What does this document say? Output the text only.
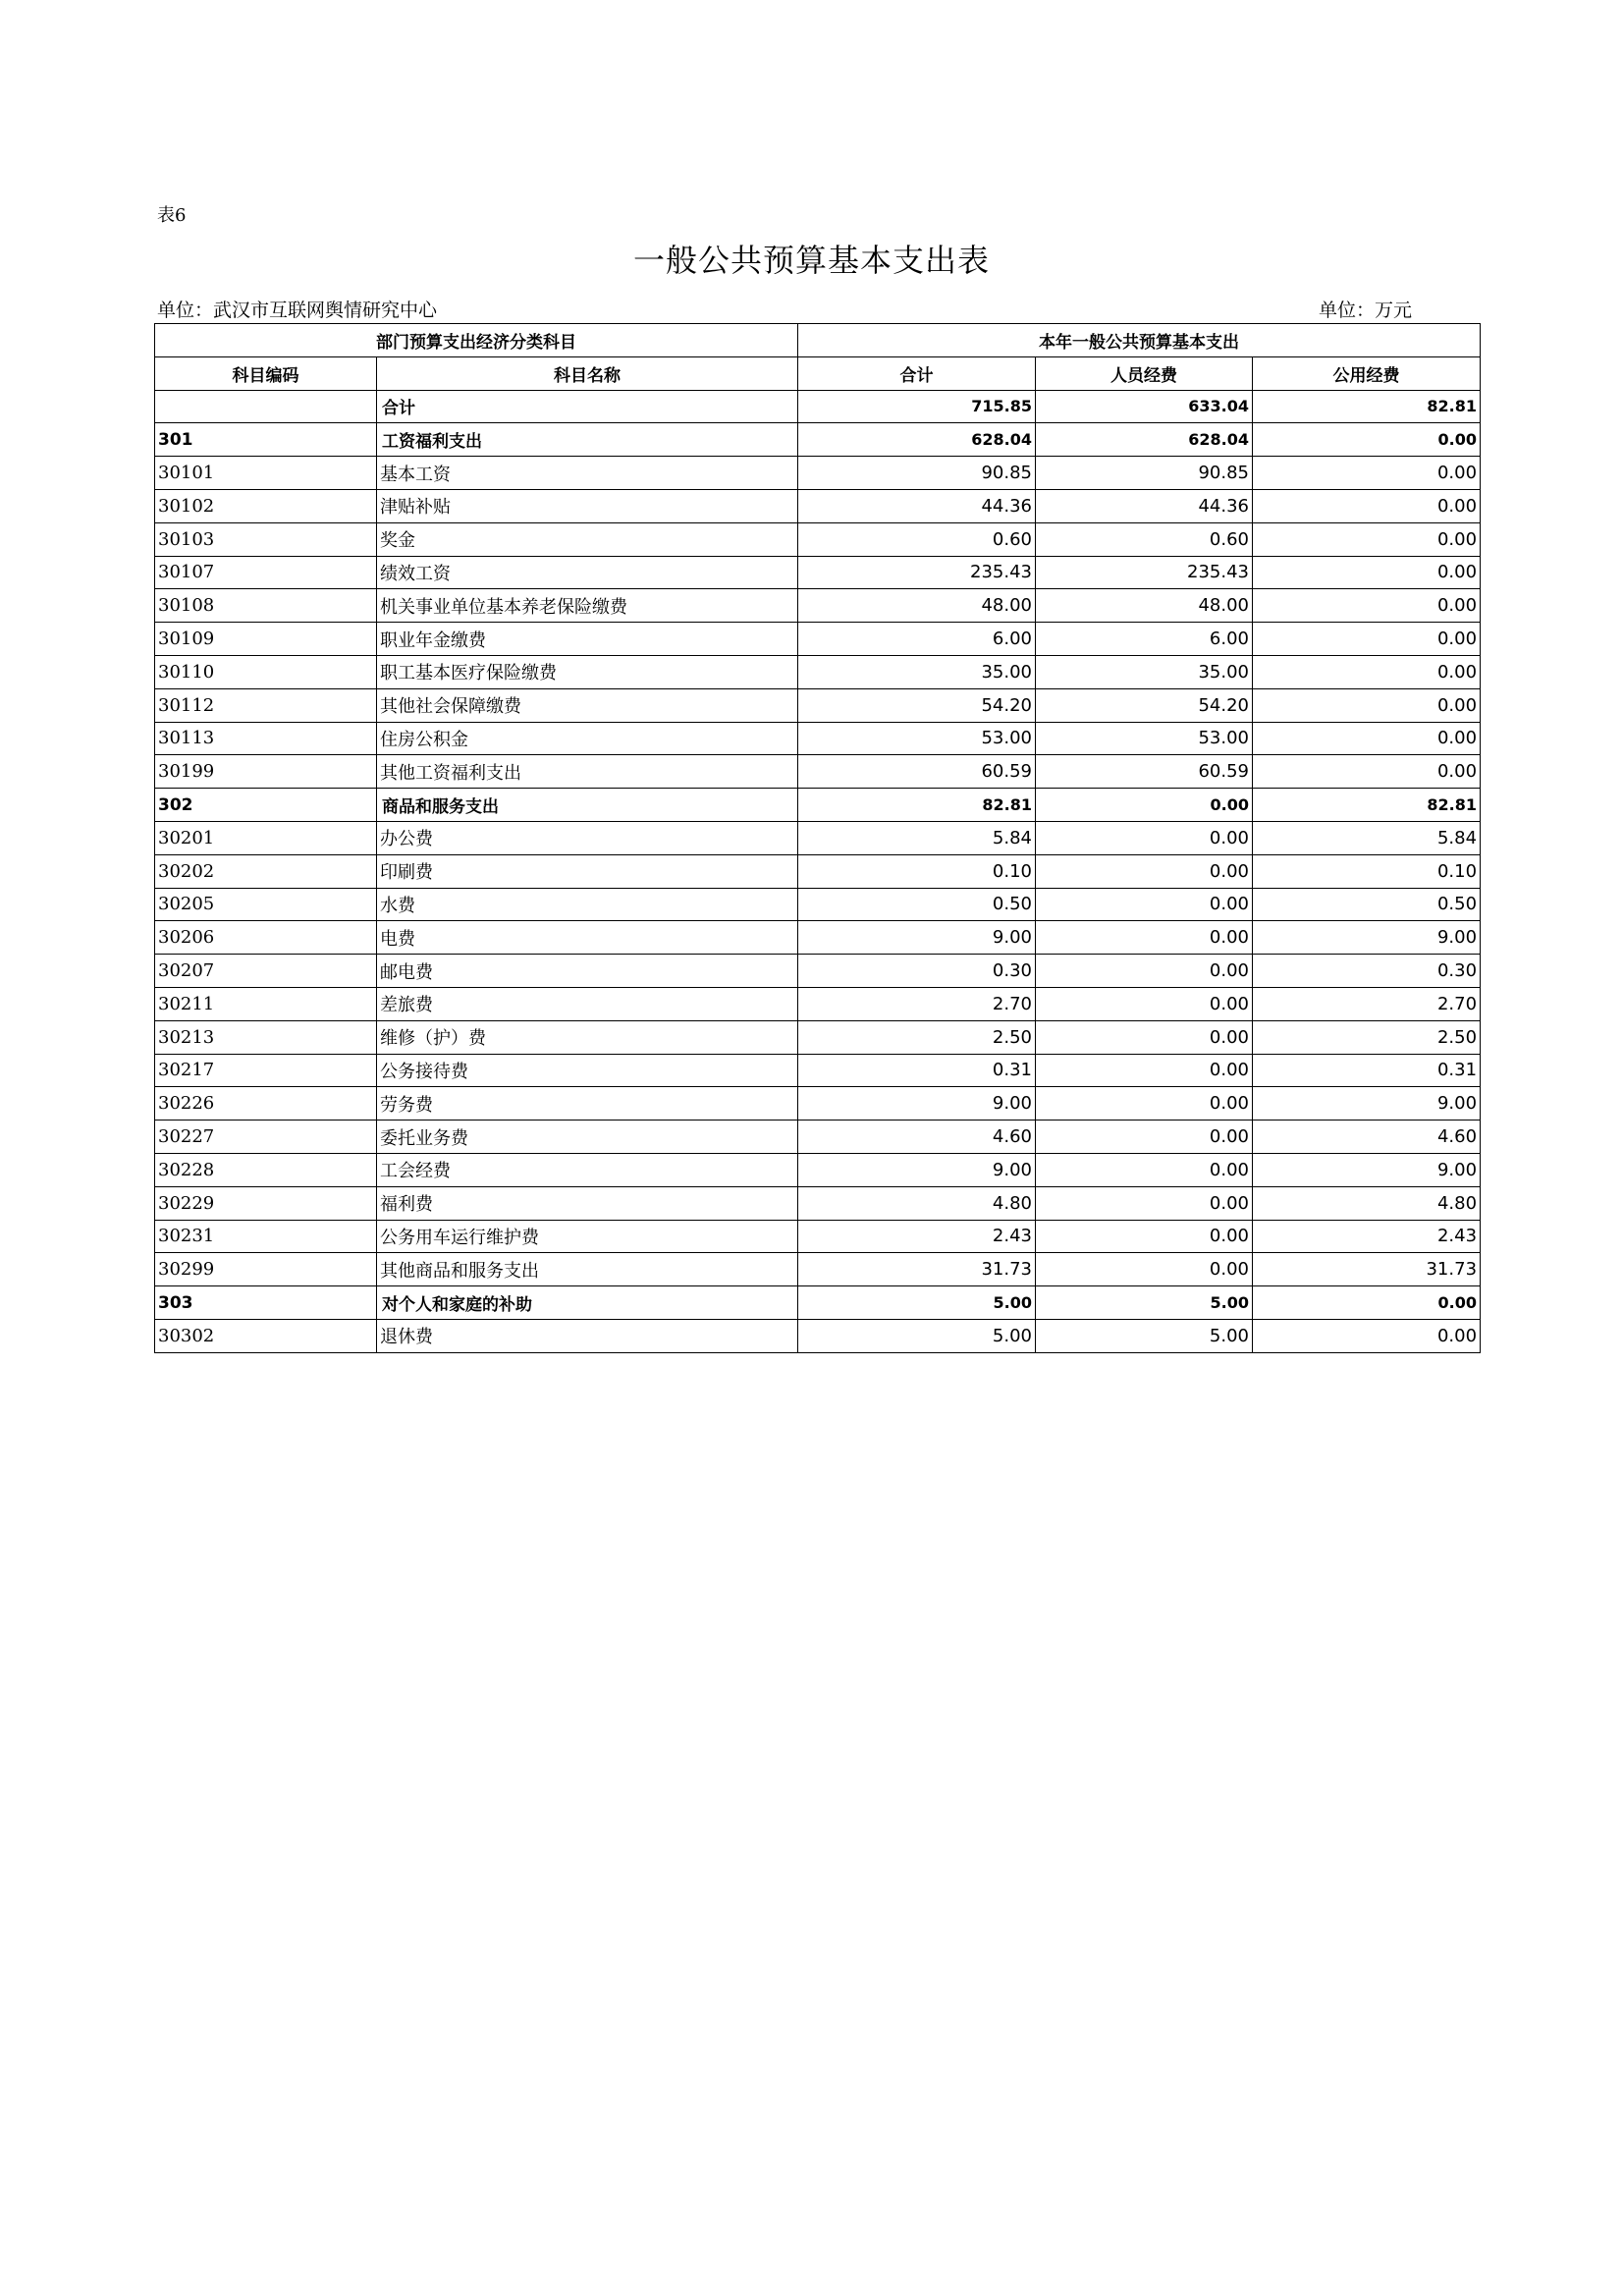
表6
一般公共预算基本支出表
单位：武汉市互联网舆情研究中心	单位：万元
部门预算支出经济分类科目		本年一般公共预算基本支出		
科目编码	科目名称	合计	人员经费	公用经费
	合计	715.85	633.04	82.81
301	工资福利支出	628.04	628.04	0.00
30101	基本工资	90.85	90.85	0.00
30102	津贴补贴	44.36	44.36	0.00
30103	奖金	0.60	0.60	0.00
30107	绩效工资	235.43	235.43	0.00
30108	机关事业单位基本养老保险缴费	48.00	48.00	0.00
30109	职业年金缴费	6.00	6.00	0.00
30110	职工基本医疗保险缴费	35.00	35.00	0.00
30112	其他社会保障缴费	54.20	54.20	0.00
30113	住房公积金	53.00	53.00	0.00
30199	其他工资福利支出	60.59	60.59	0.00
302	商品和服务支出	82.81	0.00	82.81
30201	办公费	5.84	0.00	5.84
30202	印刷费	0.10	0.00	0.10
30205	水费	0.50	0.00	0.50
30206	电费	9.00	0.00	9.00
30207	邮电费	0.30	0.00	0.30
30211	差旅费	2.70	0.00	2.70
30213	维修（护）费	2.50	0.00	2.50
30217	公务接待费	0.31	0.00	0.31
30226	劳务费	9.00	0.00	9.00
30227	委托业务费	4.60	0.00	4.60
30228	工会经费	9.00	0.00	9.00
30229	福利费	4.80	0.00	4.80
30231	公务用车运行维护费	2.43	0.00	2.43
30299	其他商品和服务支出	31.73	0.00	31.73
303	对个人和家庭的补助	5.00	5.00	0.00
30302	退休费	5.00	5.00	0.00
